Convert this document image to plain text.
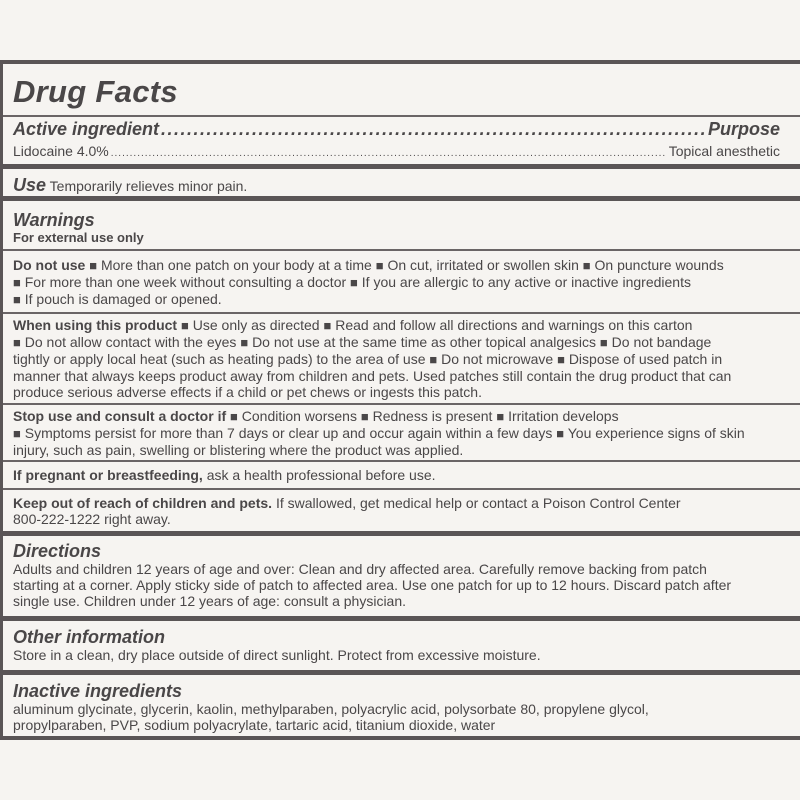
Drug Facts
Active ingredient .....	Purpose
Lidocaine 4.0% .....	Topical anesthetic
Use Temporarily relieves minor pain.
Warnings
For external use only
Do not use ■ More than one patch on your body at a time ■ On cut, irritated or swollen skin ■ On puncture wounds
■ For more than one week without consulting a doctor ■ If you are allergic to any active or inactive ingredients
■ If pouch is damaged or opened.
When using this product ■ Use only as directed ■ Read and follow all directions and warnings on this carton
■ Do not allow contact with the eyes ■ Do not use at the same time as other topical analgesics ■ Do not bandage
tightly or apply local heat (such as heating pads) to the area of use ■ Do not microwave ■ Dispose of used patch in
manner that always keeps product away from children and pets. Used patches still contain the drug product that can
produce serious adverse effects if a child or pet chews or ingests this patch.
Stop use and consult a doctor if ■ Condition worsens ■ Redness is present ■ Irritation develops
■ Symptoms persist for more than 7 days or clear up and occur again within a few days ■ You experience signs of skin
injury, such as pain, swelling or blistering where the product was applied.
If pregnant or breastfeeding, ask a health professional before use.
Keep out of reach of children and pets. If swallowed, get medical help or contact a Poison Control Center
800-222-1222 right away.
Directions
Adults and children 12 years of age and over: Clean and dry affected area. Carefully remove backing from patch
starting at a corner. Apply sticky side of patch to affected area. Use one patch for up to 12 hours. Discard patch after
single use. Children under 12 years of age: consult a physician.
Other information
Store in a clean, dry place outside of direct sunlight. Protect from excessive moisture.
Inactive ingredients
aluminum glycinate, glycerin, kaolin, methylparaben, polyacrylic acid, polysorbate 80, propylene glycol,
propylparaben, PVP, sodium polyacrylate, tartaric acid, titanium dioxide, water
